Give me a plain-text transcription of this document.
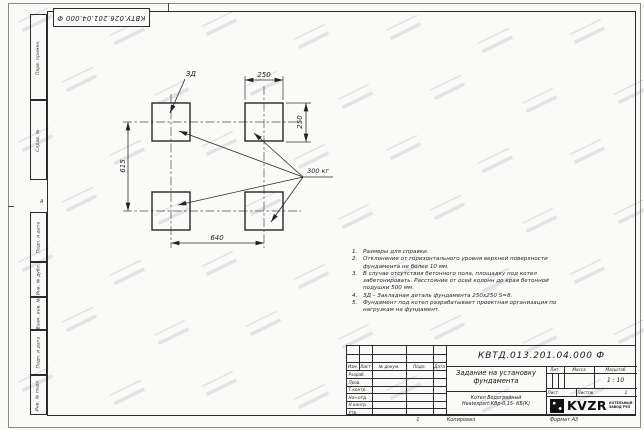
А
КВТУ.026.201.04.000 Ф
Перв. примен.
Справ. №
Подп. и дата
Инв. № дубл.
Взам. инв. №
Подп. и дата
Инв. № подл.
250
250
615
640
ЗД
300 кг
1. Размеры для справки.
2. Отклонение от горизонтального уровня верхней поверхности фундамента не более 10 мм.
3. В случае отсутствия бетонного пола, площадку под котел забетонировать. Расстояние от осей колонн до края бетонной подушки 500 мм.
4. ЗД – Закладная деталь фундамента 250х250 S=8.
5. Фундамент под котел разрабатывает проектная организация по нагрузкам на фундамент.
Изм. Лист	№ докум.	Подп.	Дата
Разраб.
Пров.
Т.контр.
Нач.отд.
Н.контр.
Утв.
КВТД.013.201.04.000 Ф
Задание на установку фундамента
Котел Водогрейный
Heatexpert-КВр-0,15- КБ(К)
Лит.	Масса	Масштаб
1 : 10
Лист	Листов	1
KVZR КОТЕЛЬНЫЙ
ЗАВОД РЭП
1	Копировал	Формат А3
